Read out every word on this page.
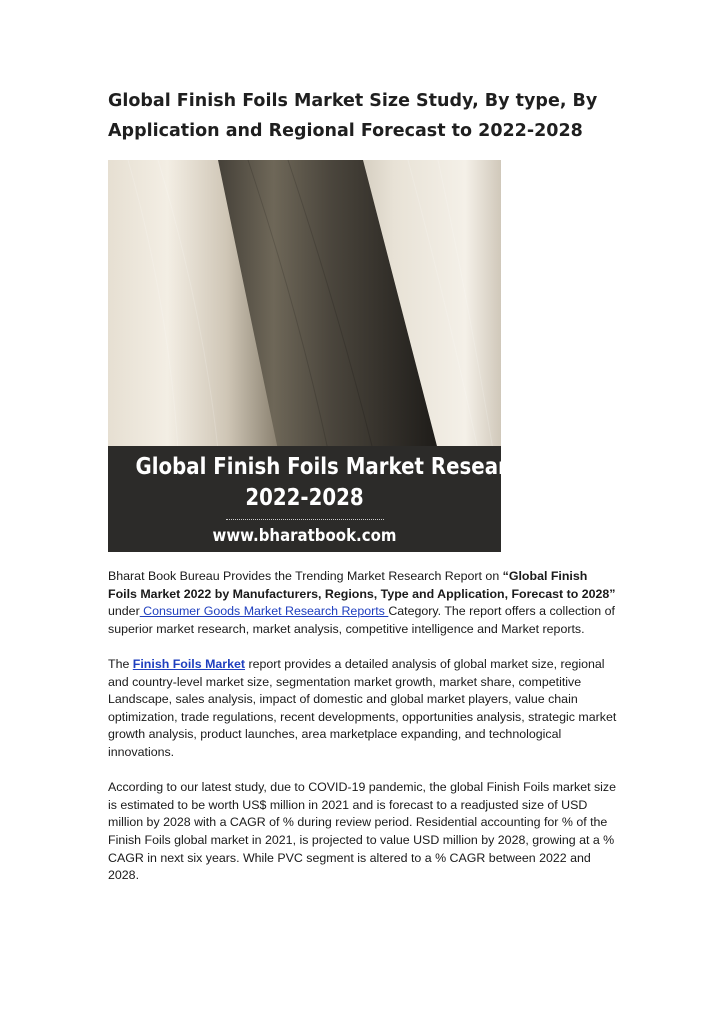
Global Finish Foils Market Size Study, By type, By Application and Regional Forecast to 2022-2028
Global Finish Foils Market Research Report
2022-2028
www.bharatbook.com

Bharat Book Bureau Provides the Trending Market Research Report on “Global Finish Foils Market 2022 by Manufacturers, Regions, Type and Application, Forecast to 2028” under Consumer Goods Market Research Reports Category. The report offers a collection of superior market research, market analysis, competitive intelligence and Market reports.

The Finish Foils Market report provides a detailed analysis of global market size, regional and country-level market size, segmentation market growth, market share, competitive Landscape, sales analysis, impact of domestic and global market players, value chain optimization, trade regulations, recent developments, opportunities analysis, strategic market growth analysis, product launches, area marketplace expanding, and technological innovations.

According to our latest study, due to COVID-19 pandemic, the global Finish Foils market size is estimated to be worth US$ million in 2021 and is forecast to a readjusted size of USD million by 2028 with a CAGR of % during review period. Residential accounting for % of the Finish Foils global market in 2021, is projected to value USD million by 2028, growing at a % CAGR in next six years. While PVC segment is altered to a % CAGR between 2022 and 2028.
